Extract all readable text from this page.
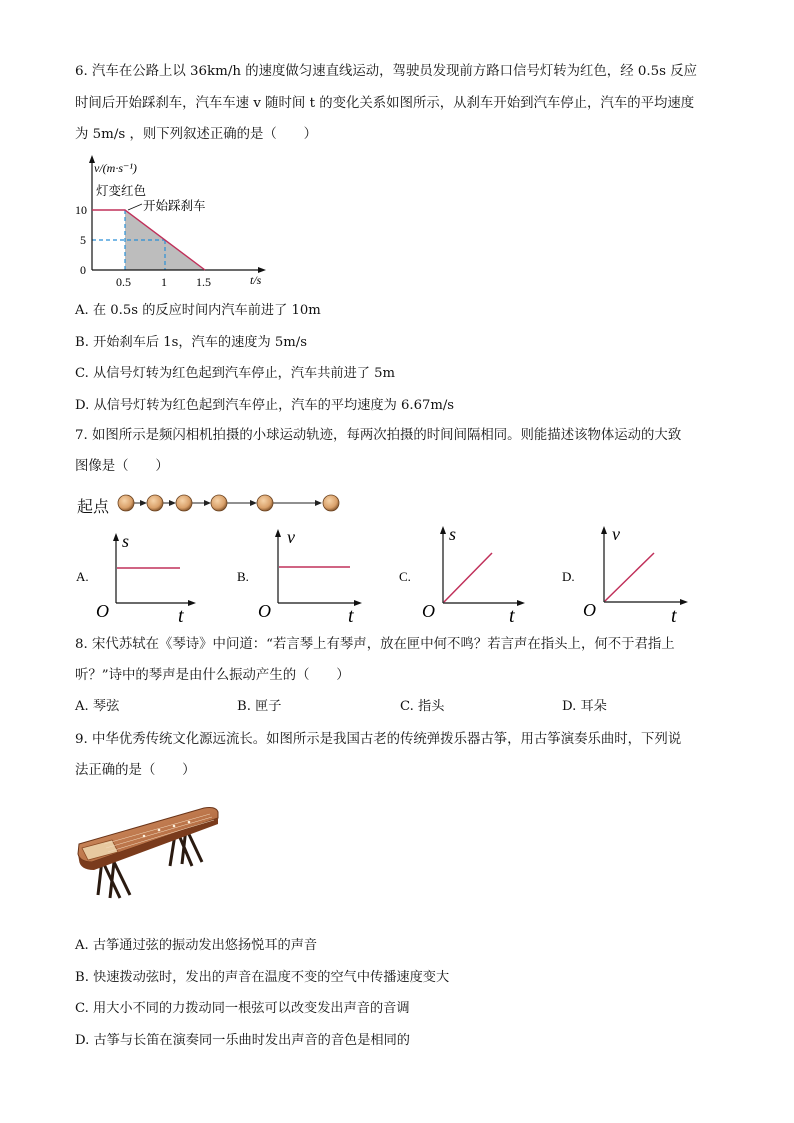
6. 汽车在公路上以 36km/h 的速度做匀速直线运动，驾驶员发现前方路口信号灯转为红色，经 0.5s 反应
时间后开始踩刹车，汽车车速 v 随时间 t 的变化关系如图所示，从刹车开始到汽车停止，汽车的平均速度
为 5m/s ，则下列叙述正确的是（　　）
v/(m·s⁻¹)
t/s
10
5
0
0.5	1 1.5
灯变红色
开始踩刹车
A. 在 0.5s 的反应时间内汽车前进了 10m
B. 开始刹车后 1s，汽车的速度为 5m/s
C. 从信号灯转为红色起到汽车停止，汽车共前进了 5m
D. 从信号灯转为红色起到汽车停止，汽车的平均速度为 6.67m/s
7. 如图所示是频闪相机拍摄的小球运动轨迹，每两次拍摄的时间间隔相同。则能描述该物体运动的大致
图像是（　　）
起点
A.
s
t
O
B.
v
t
O
C.
s
t
O
D.
v
t
O
8. 宋代苏轼在《琴诗》中问道：“若言琴上有琴声，放在匣中何不鸣？若言声在指头上，何不于君指上
听？”诗中的琴声是由什么振动产生的（　　）
A. 琴弦	B. 匣子	C. 指头	D. 耳朵
9. 中华优秀传统文化源远流长。如图所示是我国古老的传统弹拨乐器古筝，用古筝演奏乐曲时，下列说
法正确的是（　　）
A. 古筝通过弦的振动发出悠扬悦耳的声音
B. 快速拨动弦时，发出的声音在温度不变的空气中传播速度变大
C. 用大小不同的力拨动同一根弦可以改变发出声音的音调
D. 古筝与长笛在演奏同一乐曲时发出声音的音色是相同的
